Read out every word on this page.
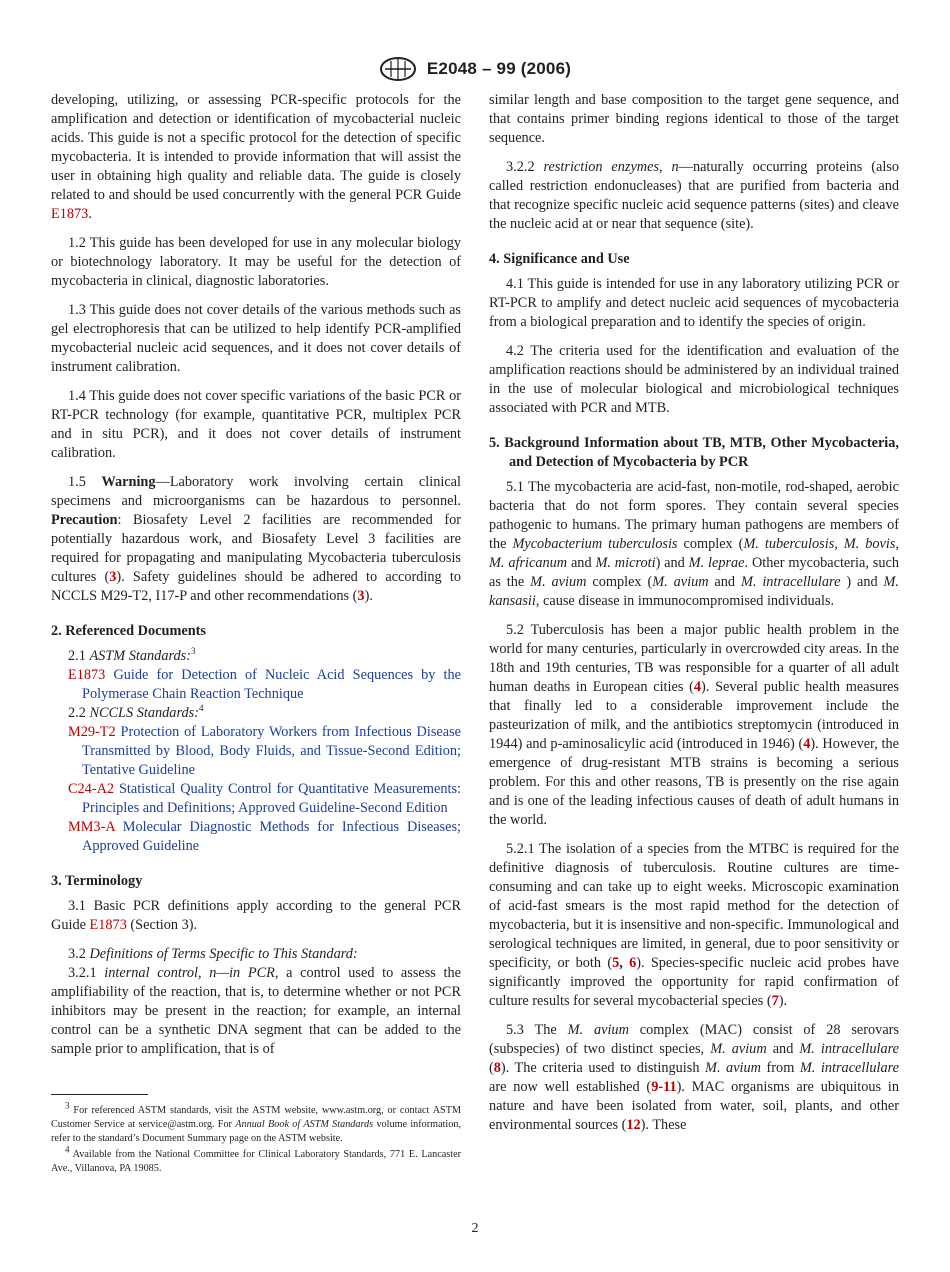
E2048 – 99 (2006)

developing, utilizing, or assessing PCR-specific protocols for the amplification and detection or identification of mycobacterial nucleic acids. This guide is not a specific protocol for the detection of specific mycobacteria. It is intended to provide information that will assist the user in obtaining high quality and reliable data. The guide is closely related to and should be used concurrently with the general PCR Guide E1873.

1.2 This guide has been developed for use in any molecular biology or biotechnology laboratory. It may be useful for the detection of mycobacteria in clinical, diagnostic laboratories.

1.3 This guide does not cover details of the various methods such as gel electrophoresis that can be utilized to help identify PCR-amplified mycobacterial nucleic acid sequences, and it does not cover details of instrument calibration.

1.4 This guide does not cover specific variations of the basic PCR or RT-PCR technology (for example, quantitative PCR, multiplex PCR and in situ PCR), and it does not cover details of instrument calibration.

1.5 Warning—Laboratory work involving certain clinical specimens and microorganisms can be hazardous to personnel. Precaution: Biosafety Level 2 facilities are recommended for potentially hazardous work, and Biosafety Level 3 facilities are required for propagating and manipulating Mycobacteria tuberculosis cultures (3). Safety guidelines should be adhered to according to NCCLS M29-T2, I17-P and other recommendations (3).

2. Referenced Documents

2.1 ASTM Standards:$^3$

E1873 Guide for Detection of Nucleic Acid Sequences by the Polymerase Chain Reaction Technique

2.2 NCCLS Standards:$^4$

M29-T2 Protection of Laboratory Workers from Infectious Disease Transmitted by Blood, Body Fluids, and Tissue-Second Edition; Tentative Guideline
C24-A2 Statistical Quality Control for Quantitative Measurements: Principles and Definitions; Approved Guideline-Second Edition
MM3-A Molecular Diagnostic Methods for Infectious Diseases; Approved Guideline
3. Terminology

3.1 Basic PCR definitions apply according to the general PCR Guide E1873 (Section 3).

3.2 Definitions of Terms Specific to This Standard:

3.2.1 internal control, n—in PCR, a control used to assess the amplifiability of the reaction, that is, to determine whether or not PCR inhibitors may be present in the reaction; for example, an internal control can be a synthetic DNA segment that can be added to the sample prior to amplification, that is of

similar length and base composition to the target gene sequence, and that contains primer binding regions identical to those of the target sequence.

3.2.2 restriction enzymes, n—naturally occurring proteins (also called restriction endonucleases) that are purified from bacteria and that recognize specific nucleic acid sequence patterns (sites) and cleave the nucleic acid at or near that sequence (site).

4. Significance and Use

4.1 This guide is intended for use in any laboratory utilizing PCR or RT-PCR to amplify and detect nucleic acid sequences of mycobacteria from a biological preparation and to identify the species of origin.

4.2 The criteria used for the identification and evaluation of the amplification reactions should be administered by an individual trained in the use of molecular biological and microbiological techniques associated with PCR and MTB.

5. Background Information about TB, MTB, Other Mycobacteria, and Detection of Mycobacteria by PCR

5.1 The mycobacteria are acid-fast, non-motile, rod-shaped, aerobic bacteria that do not form spores. They contain several species pathogenic to humans. The primary human pathogens are members of the Mycobacterium tuberculosis complex (M. tuberculosis, M. bovis, M. africanum and M. microti) and M. leprae. Other mycobacteria, such as the M. avium complex (M. avium and M. intracellulare ) and M. kansasii, cause disease in immunocompromised individuals.

5.2 Tuberculosis has been a major public health problem in the world for many centuries, particularly in overcrowded city areas. In the 18th and 19th centuries, TB was responsible for a quarter of all adult human deaths in European cities (4). Several public health measures that finally led to a considerable improvement include the pasteurization of milk, and the antibiotics streptomycin (introduced in 1944) and p-aminosalicylic acid (introduced in 1946) (4). However, the emergence of drug-resistant MTB strains is becoming a serious problem. For this and other reasons, TB is presently on the rise again and is one of the leading infectious causes of death of adult humans in the world.

5.2.1 The isolation of a species from the MTBC is required for the definitive diagnosis of tuberculosis. Routine cultures are time-consuming and can take up to eight weeks. Microscopic examination of acid-fast smears is the most rapid method for the detection of mycobacteria, but it is insensitive and non-specific. Immunological and serological techniques are limited, in general, due to poor sensitivity or specificity, or both (5, 6). Species-specific nucleic acid probes have significantly improved the opportunity for rapid confirmation of culture results for several mycobacterial species (7).

5.3 The M. avium complex (MAC) consist of 28 serovars (subspecies) of two distinct species, M. avium and M. intracellulare (8). The criteria used to distinguish M. avium from M. intracellulare are now well established (9-11). MAC organisms are ubiquitous in nature and have been isolated from water, soil, plants, and other environmental sources (12). These

$^3$ For referenced ASTM standards, visit the ASTM website, www.astm.org, or contact ASTM Customer Service at service@astm.org. For Annual Book of ASTM Standards volume information, refer to the standard’s Document Summary page on the ASTM website.

$^4$ Available from the National Committee for Clinical Laboratory Standards, 771 E. Lancaster Ave., Villanova, PA 19085.

2
